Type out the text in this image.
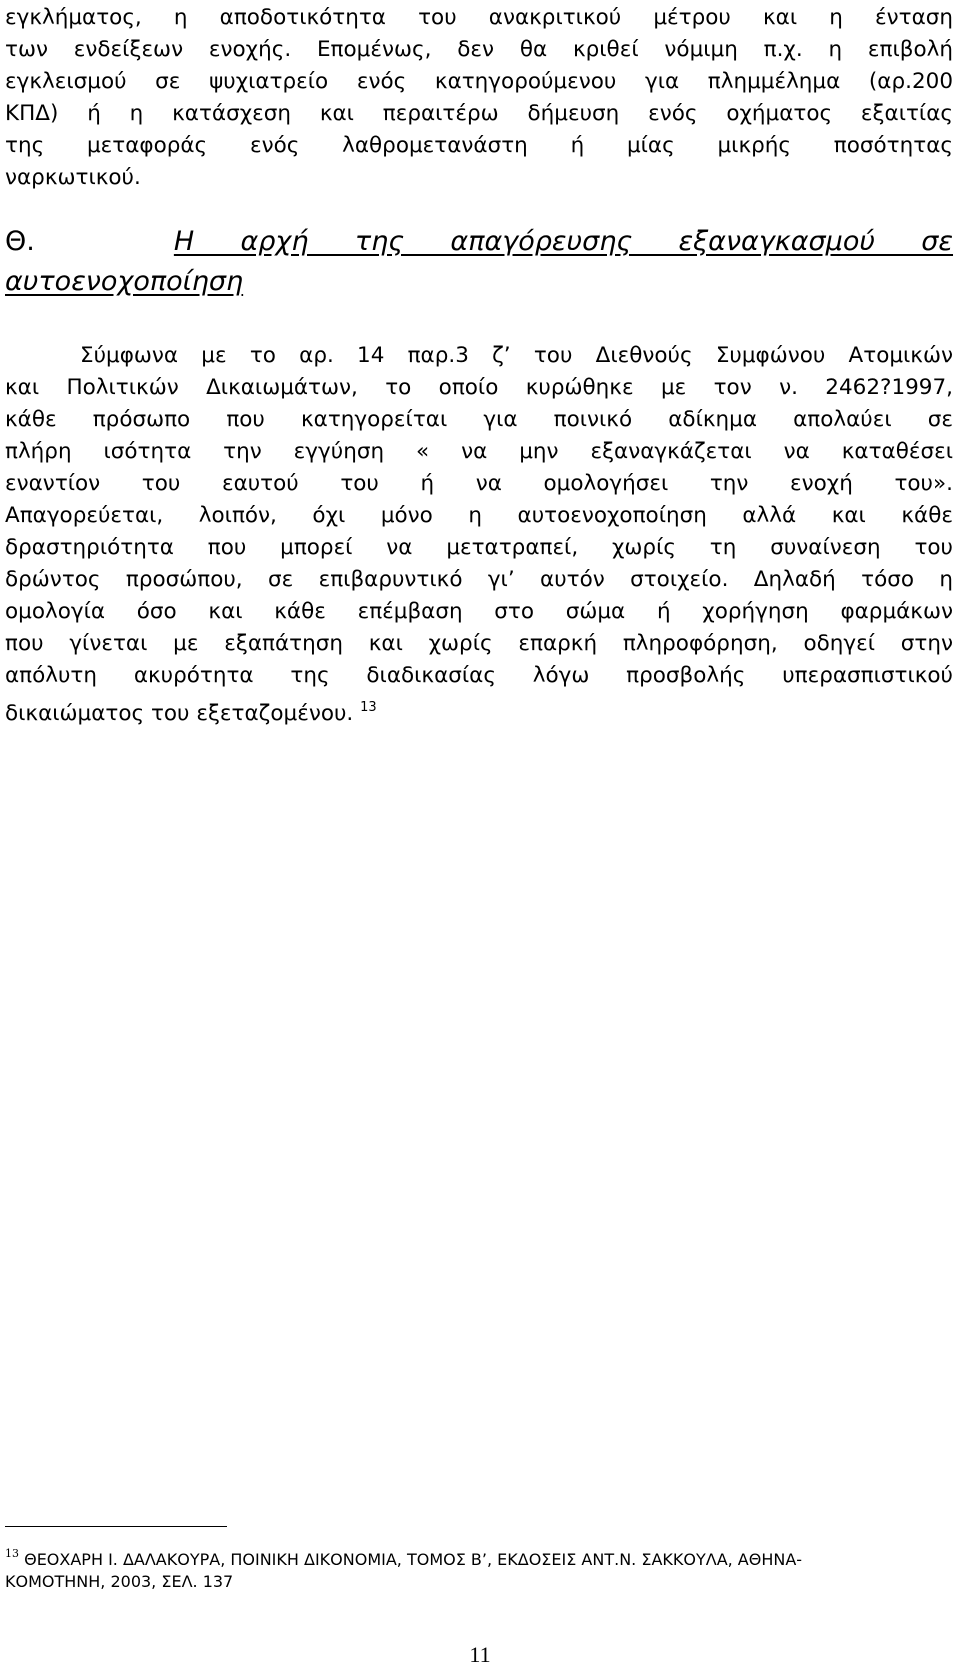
εγκλήματος, η αποδοτικότητα του ανακριτικού μέτρου και η ένταση
των ενδείξεων ενοχής. Επομένως, δεν θα κριθεί νόμιμη π.χ. η επιβολή
εγκλεισμού σε ψυχιατρείο ενός κατηγορούμενου για πλημμέλημα (αρ.200
ΚΠΔ) ή η κατάσχεση και περαιτέρω δήμευση ενός οχήματος εξαιτίας
της μεταφοράς ενός λαθρομετανάστη ή μίας μικρής ποσότητας
ναρκωτικού.
Θ.	Η αρχή της απαγόρευσης εξαναγκασμού σε
αυτοενοχοποίηση
Σύμφωνα με το αρ. 14 παρ.3 ζ’ του Διεθνούς Συμφώνου Ατομικών
και Πολιτικών Δικαιωμάτων, το οποίο κυρώθηκε με τον ν. 2462?1997,
κάθε πρόσωπο που κατηγορείται για ποινικό αδίκημα απολαύει σε
πλήρη ισότητα την εγγύηση « να μην εξαναγκάζεται να καταθέσει
εναντίον του εαυτού του ή να ομολογήσει την ενοχή του».
Απαγορεύεται, λοιπόν, όχι μόνο η αυτοενοχοποίηση αλλά και κάθε
δραστηριότητα που μπορεί να μετατραπεί, χωρίς τη συναίνεση του
δρώντος προσώπου, σε επιβαρυντικό γι’ αυτόν στοιχείο. Δηλαδή τόσο η
ομολογία όσο και κάθε επέμβαση στο σώμα ή χορήγηση φαρμάκων
που γίνεται με εξαπάτηση και χωρίς επαρκή πληροφόρηση, οδηγεί στην
απόλυτη ακυρότητα της διαδικασίας λόγω προσβολής υπερασπιστικού
δικαιώματος του εξεταζομένου. $^{13}$
$^{13}$ ΘΕΟΧΑΡΗ Ι. ΔΑΛΑΚΟΥΡΑ, ΠΟΙΝΙΚΗ ΔΙΚΟΝΟΜΙΑ, ΤΟΜΟΣ Β’, ΕΚΔΟΣΕΙΣ ΑΝΤ.Ν. ΣΑΚΚΟΥΛΑ, ΑΘΗΝΑ-
ΚΟΜΟΤΗΝΗ, 2003, ΣΕΛ. 137
11
